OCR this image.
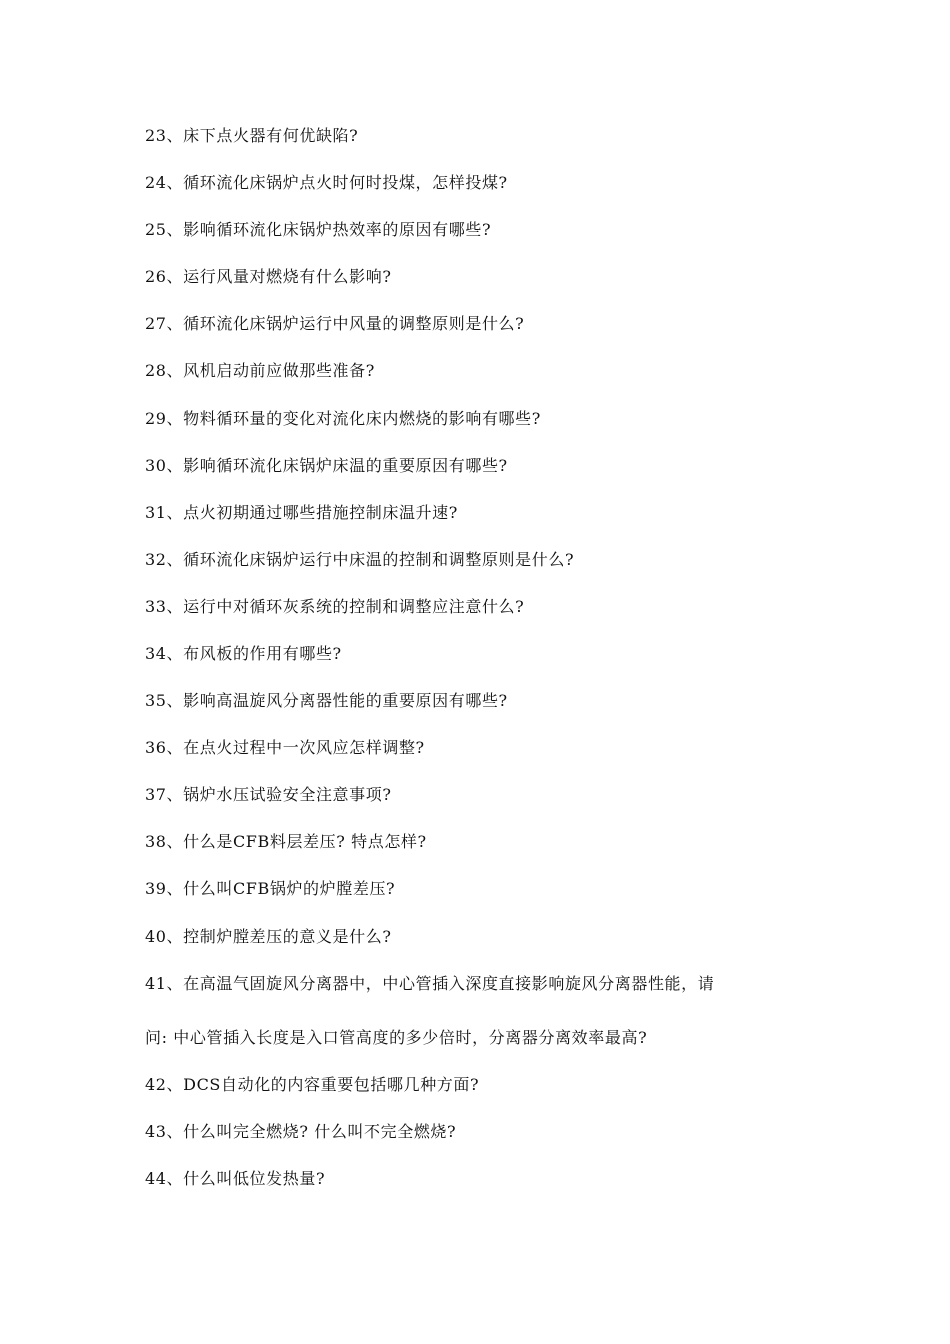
23、床下点火器有何优缺陷?

24、循环流化床锅炉点火时何时投煤，怎样投煤?

25、影响循环流化床锅炉热效率的原因有哪些?

26、运行风量对燃烧有什么影响?

27、循环流化床锅炉运行中风量的调整原则是什么?

28、风机启动前应做那些准备?

29、物料循环量的变化对流化床内燃烧的影响有哪些?

30、影响循环流化床锅炉床温的重要原因有哪些?

31、点火初期通过哪些措施控制床温升速?

32、循环流化床锅炉运行中床温的控制和调整原则是什么?

33、运行中对循环灰系统的控制和调整应注意什么?

34、布风板的作用有哪些?

35、影响高温旋风分离器性能的重要原因有哪些?

36、在点火过程中一次风应怎样调整?

37、锅炉水压试验安全注意事项?

38、什么是CFB料层差压? 特点怎样?

39、什么叫CFB锅炉的炉膛差压?

40、控制炉膛差压的意义是什么?

41、在高温气固旋风分离器中，中心管插入深度直接影响旋风分离器性能，请

问: 中心管插入长度是入口管高度的多少倍时，分离器分离效率最高?

42、DCS自动化的内容重要包括哪几种方面?

43、什么叫完全燃烧? 什么叫不完全燃烧?

44、什么叫低位发热量?
